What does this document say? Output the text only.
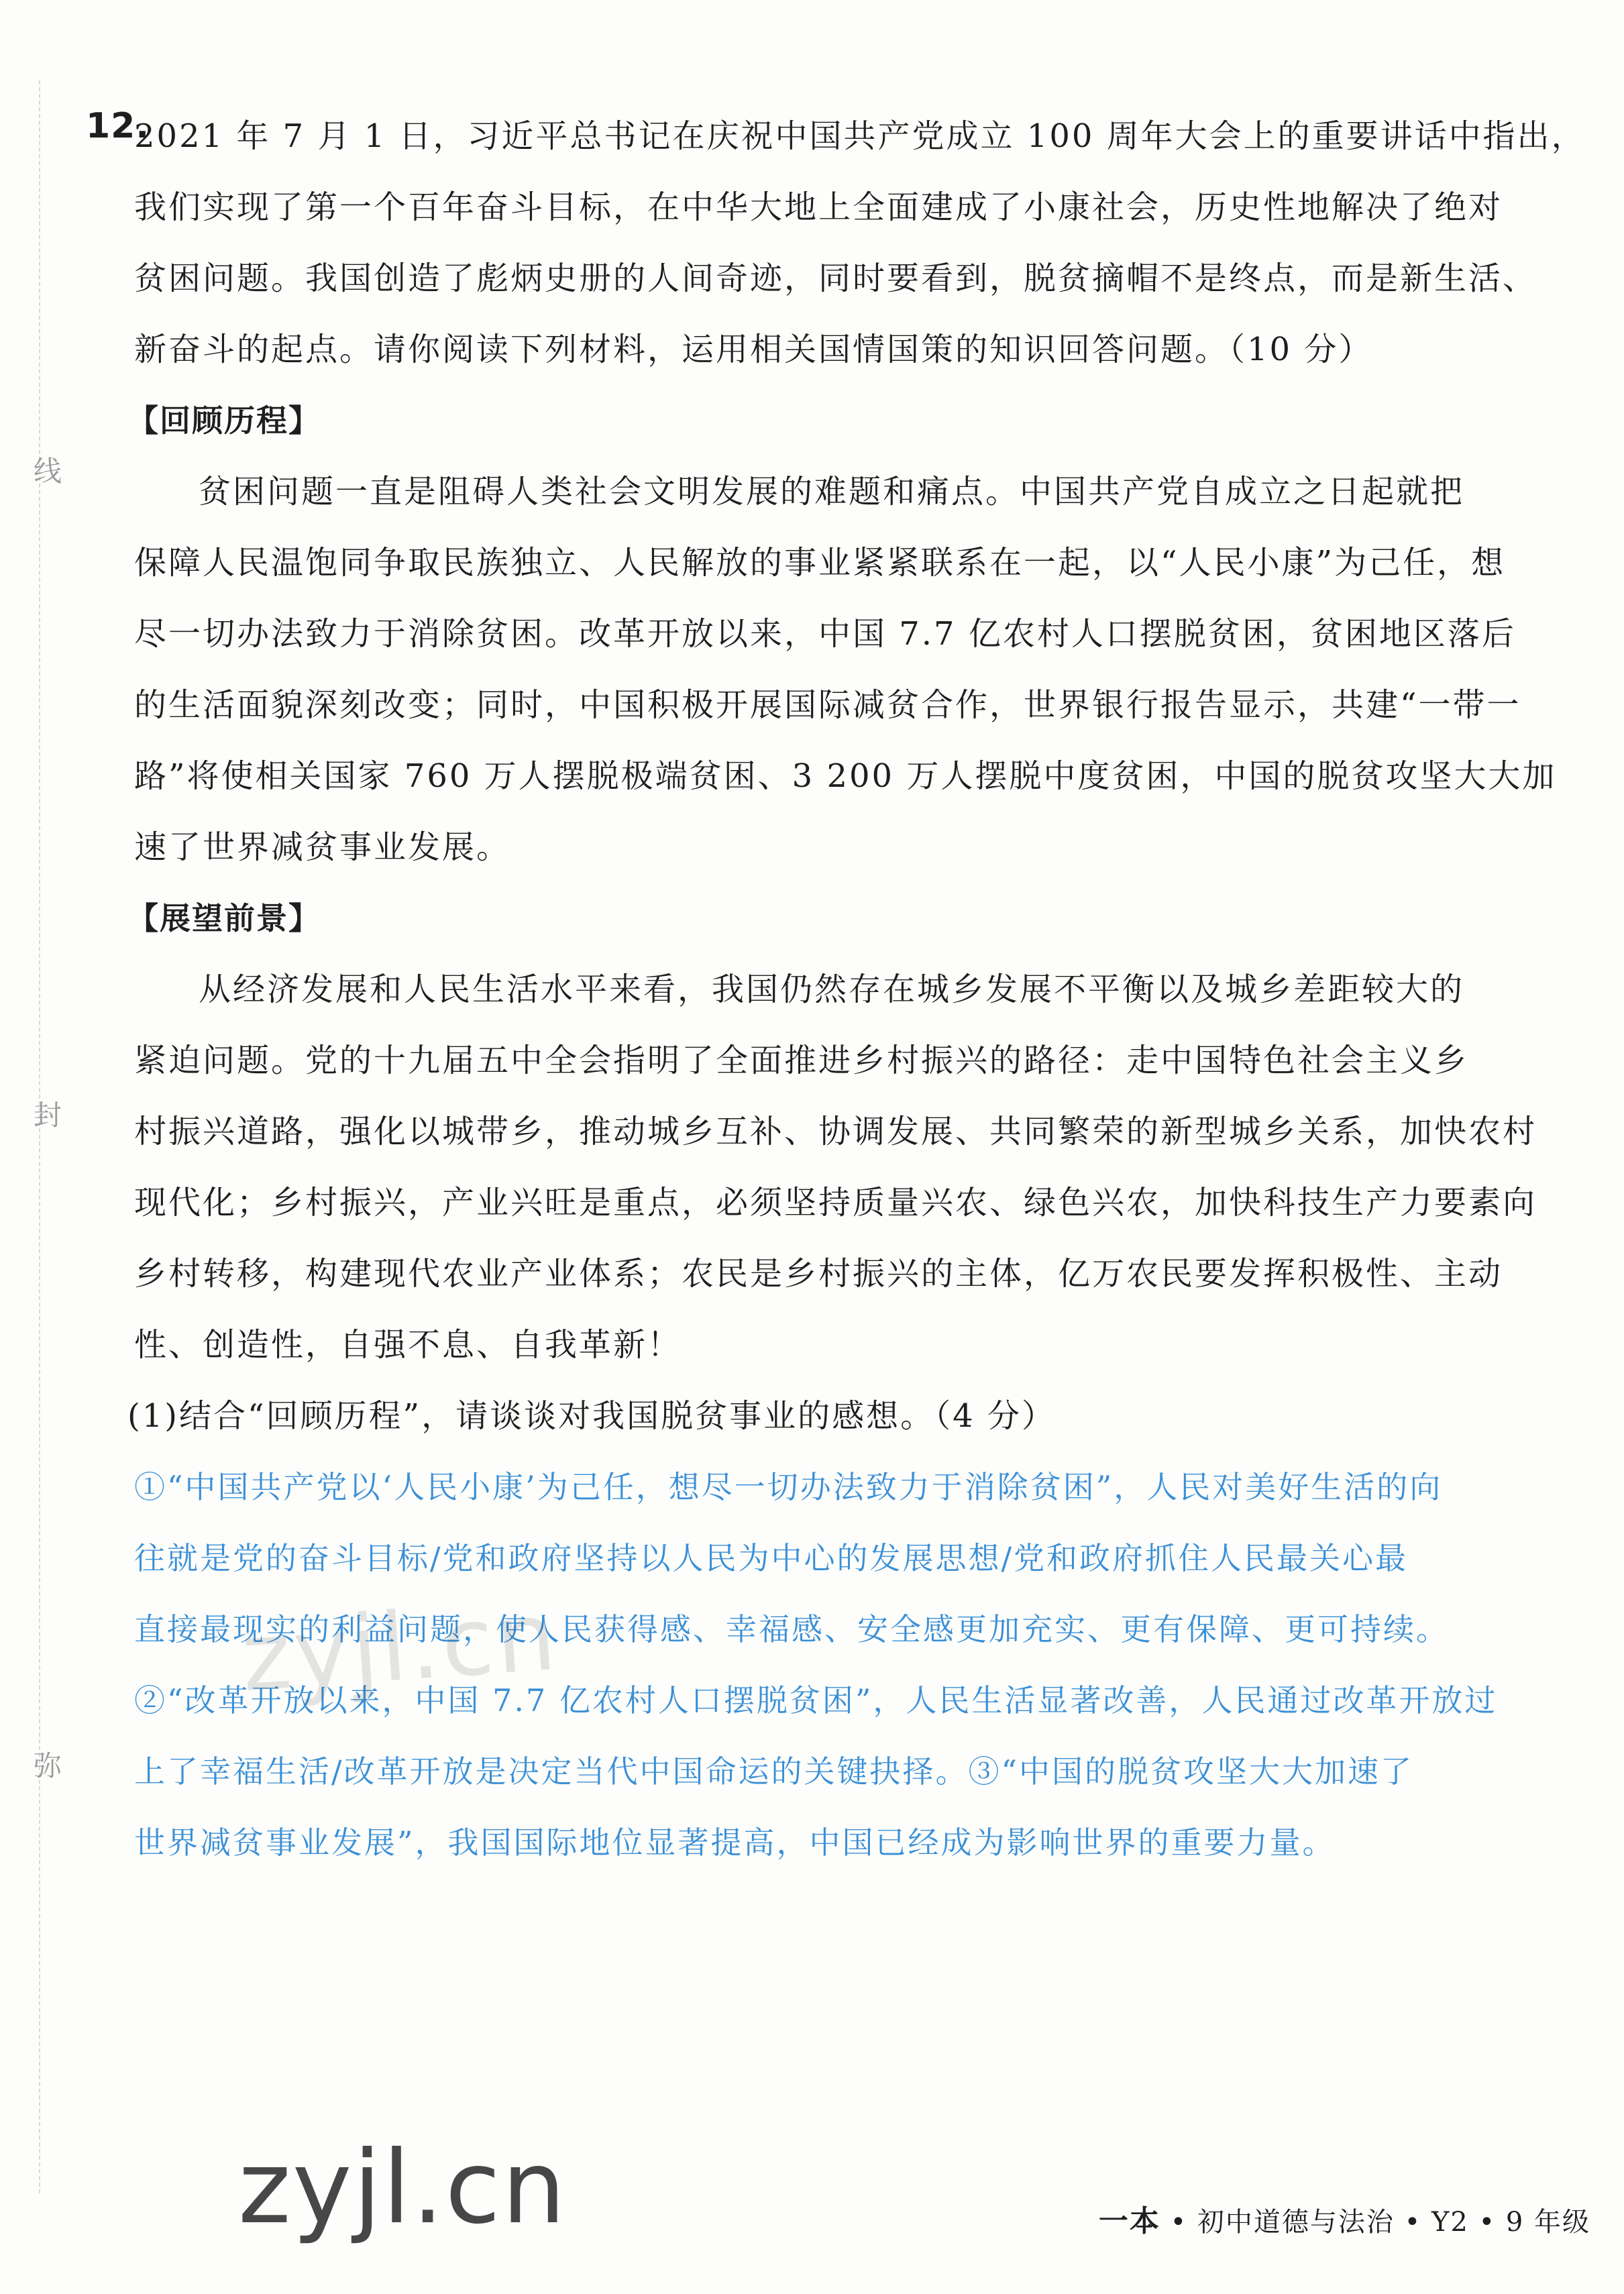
线
封
弥
12.
2021 年 7 月 1 日，习近平总书记在庆祝中国共产党成立 100 周年大会上的重要讲话中指出，
我们实现了第一个百年奋斗目标，在中华大地上全面建成了小康社会，历史性地解决了绝对
贫困问题。我国创造了彪炳史册的人间奇迹，同时要看到，脱贫摘帽不是终点，而是新生活、
新奋斗的起点。请你阅读下列材料，运用相关国情国策的知识回答问题。（10 分）
【回顾历程】
贫困问题一直是阻碍人类社会文明发展的难题和痛点。中国共产党自成立之日起就把
保障人民温饱同争取民族独立、人民解放的事业紧紧联系在一起，以“人民小康”为己任，想
尽一切办法致力于消除贫困。改革开放以来，中国 7.7 亿农村人口摆脱贫困，贫困地区落后
的生活面貌深刻改变；同时，中国积极开展国际减贫合作，世界银行报告显示，共建“一带一
路”将使相关国家 760 万人摆脱极端贫困、3 200 万人摆脱中度贫困，中国的脱贫攻坚大大加
速了世界减贫事业发展。
【展望前景】
从经济发展和人民生活水平来看，我国仍然存在城乡发展不平衡以及城乡差距较大的
紧迫问题。党的十九届五中全会指明了全面推进乡村振兴的路径：走中国特色社会主义乡
村振兴道路，强化以城带乡，推动城乡互补、协调发展、共同繁荣的新型城乡关系，加快农村
现代化；乡村振兴，产业兴旺是重点，必须坚持质量兴农、绿色兴农，加快科技生产力要素向
乡村转移，构建现代农业产业体系；农民是乡村振兴的主体，亿万农民要发挥积极性、主动
性、创造性，自强不息、自我革新！
(1)结合“回顾历程”，请谈谈对我国脱贫事业的感想。（4 分）
①“中国共产党以‘人民小康’为己任，想尽一切办法致力于消除贫困”，人民对美好生活的向
往就是党的奋斗目标/党和政府坚持以人民为中心的发展思想/党和政府抓住人民最关心最
直接最现实的利益问题，使人民获得感、幸福感、安全感更加充实、更有保障、更可持续。
②“改革开放以来，中国 7.7 亿农村人口摆脱贫困”，人民生活显著改善，人民通过改革开放过
上了幸福生活/改革开放是决定当代中国命运的关键抉择。③“中国的脱贫攻坚大大加速了
世界减贫事业发展”，我国国际地位显著提高，中国已经成为影响世界的重要力量。
zyjl.cn
zyjl.cn	一本 • 初中道德与法治 • Y2 • 9 年级
